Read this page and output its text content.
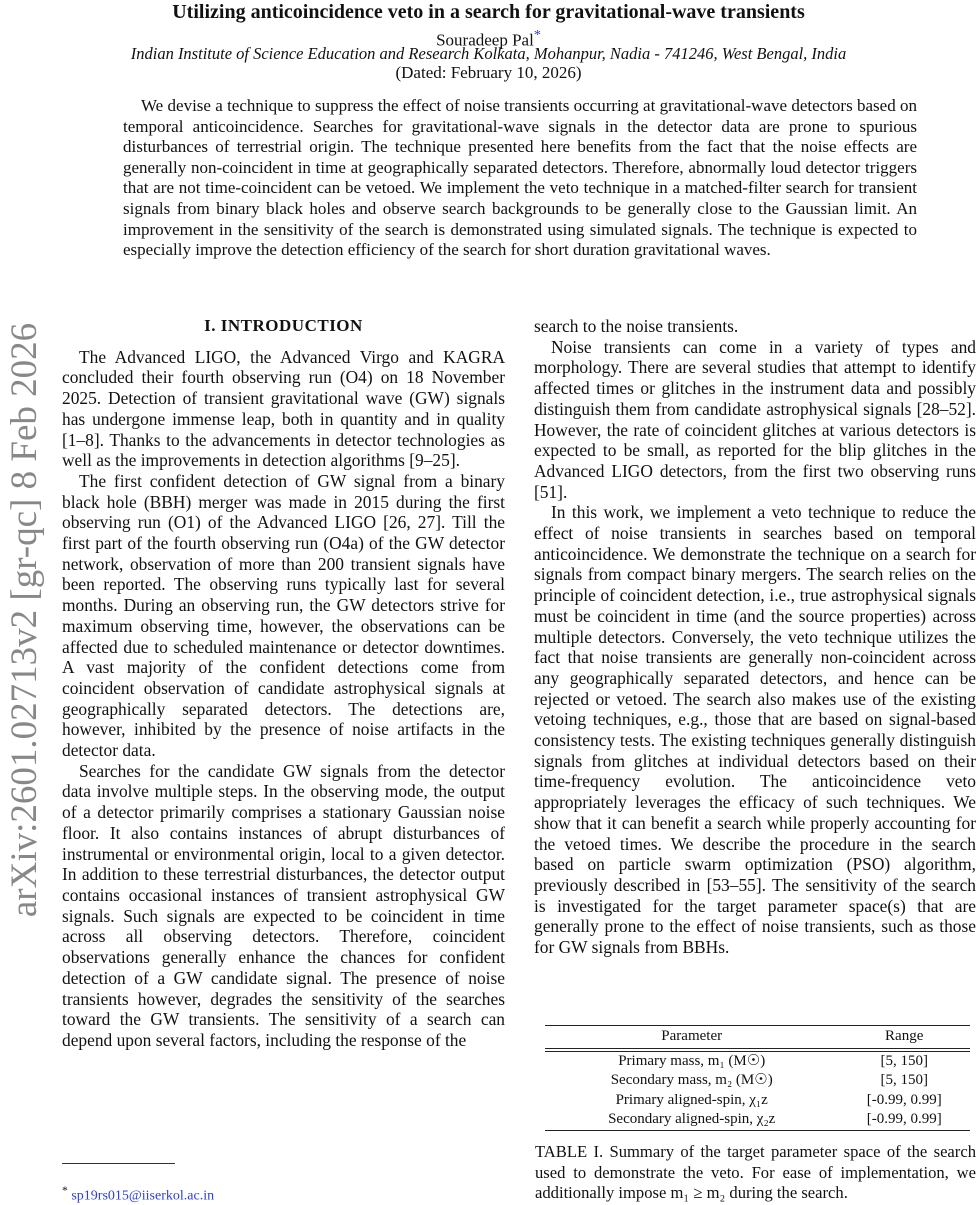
Utilizing anticoincidence veto in a search for gravitational-wave transients
Souradeep Pal*
Indian Institute of Science Education and Research Kolkata, Mohanpur, Nadia - 741246, West Bengal, India
(Dated: February 10, 2026)
We devise a technique to suppress the effect of noise transients occurring at gravitational-wave detectors based on temporal anticoincidence. Searches for gravitational-wave signals in the detector data are prone to spurious disturbances of terrestrial origin. The technique presented here benefits from the fact that the noise effects are generally non-coincident in time at geographically separated detectors. Therefore, abnormally loud detector triggers that are not time-coincident can be vetoed. We implement the veto technique in a matched-filter search for transient signals from binary black holes and observe search backgrounds to be generally close to the Gaussian limit. An improvement in the sensitivity of the search is demonstrated using simulated signals. The technique is expected to especially improve the detection efficiency of the search for short duration gravitational waves.
arXiv:2601.02713v2 [gr-qc] 8 Feb 2026	I. INTRODUCTION

The Advanced LIGO, the Advanced Virgo and KAGRA concluded their fourth observing run (O4) on 18 November 2025. Detection of transient gravitational wave (GW) signals has undergone immense leap, both in quantity and in quality [1–8]. Thanks to the advancements in detector technologies as well as the improvements in detection algorithms [9–25].

The first confident detection of GW signal from a binary black hole (BBH) merger was made in 2015 during the first observing run (O1) of the Advanced LIGO [26, 27]. Till the first part of the fourth observing run (O4a) of the GW detector network, observation of more than 200 transient signals have been reported. The observing runs typically last for several months. During an observing run, the GW detectors strive for maximum observing time, however, the observations can be affected due to scheduled maintenance or detector downtimes. A vast majority of the confident detections come from coincident observation of candidate astrophysical signals at geographically separated detectors. The detections are, however, inhibited by the presence of noise artifacts in the detector data.

Searches for the candidate GW signals from the detector data involve multiple steps. In the observing mode, the output of a detector primarily comprises a stationary Gaussian noise floor. It also contains instances of abrupt disturbances of instrumental or environmental origin, local to a given detector. In addition to these terrestrial disturbances, the detector output contains occasional instances of transient astrophysical GW signals. Such signals are expected to be coincident in time across all observing detectors. Therefore, coincident observations generally enhance the chances for confident detection of a GW candidate signal. The presence of noise transients however, degrades the sensitivity of the searches toward the GW transients. The sensitivity of a search can depend upon several factors, including the response of the

search to the noise transients.

Noise transients can come in a variety of types and morphology. There are several studies that attempt to identify affected times or glitches in the instrument data and possibly distinguish them from candidate astrophysical signals [28–52]. However, the rate of coincident glitches at various detectors is expected to be small, as reported for the blip glitches in the Advanced LIGO detectors, from the first two observing runs [51].

In this work, we implement a veto technique to reduce the effect of noise transients in searches based on temporal anticoincidence. We demonstrate the technique on a search for signals from compact binary mergers. The search relies on the principle of coincident detection, i.e., true astrophysical signals must be coincident in time (and the source properties) across multiple detectors. Conversely, the veto technique utilizes the fact that noise transients are generally non-coincident across any geographically separated detectors, and hence can be rejected or vetoed. The search also makes use of the existing vetoing techniques, e.g., those that are based on signal-based consistency tests. The existing techniques generally distinguish signals from glitches at individual detectors based on their time-frequency evolution. The anticoincidence veto appropriately leverages the efficacy of such techniques. We show that it can benefit a search while properly accounting for the vetoed times. We describe the procedure in the search based on particle swarm optimization (PSO) algorithm, previously described in [53–55]. The sensitivity of the search is investigated for the target parameter space(s) that are generally prone to the effect of noise transients, such as those for GW signals from BBHs.

Parameter	Range
Primary mass, m₁ (M☉)	[5, 150]
Secondary mass, m₂ (M☉)	[5, 150]
Primary aligned-spin, χ₁z	[-0.99, 0.99]
Secondary aligned-spin, χ₂z	[-0.99, 0.99]
TABLE I. Summary of the target parameter space of the search used to demonstrate the veto. For ease of implementation, we additionally impose m₁ ≥ m₂ during the search.
* sp19rs015@iiserkol.ac.in
